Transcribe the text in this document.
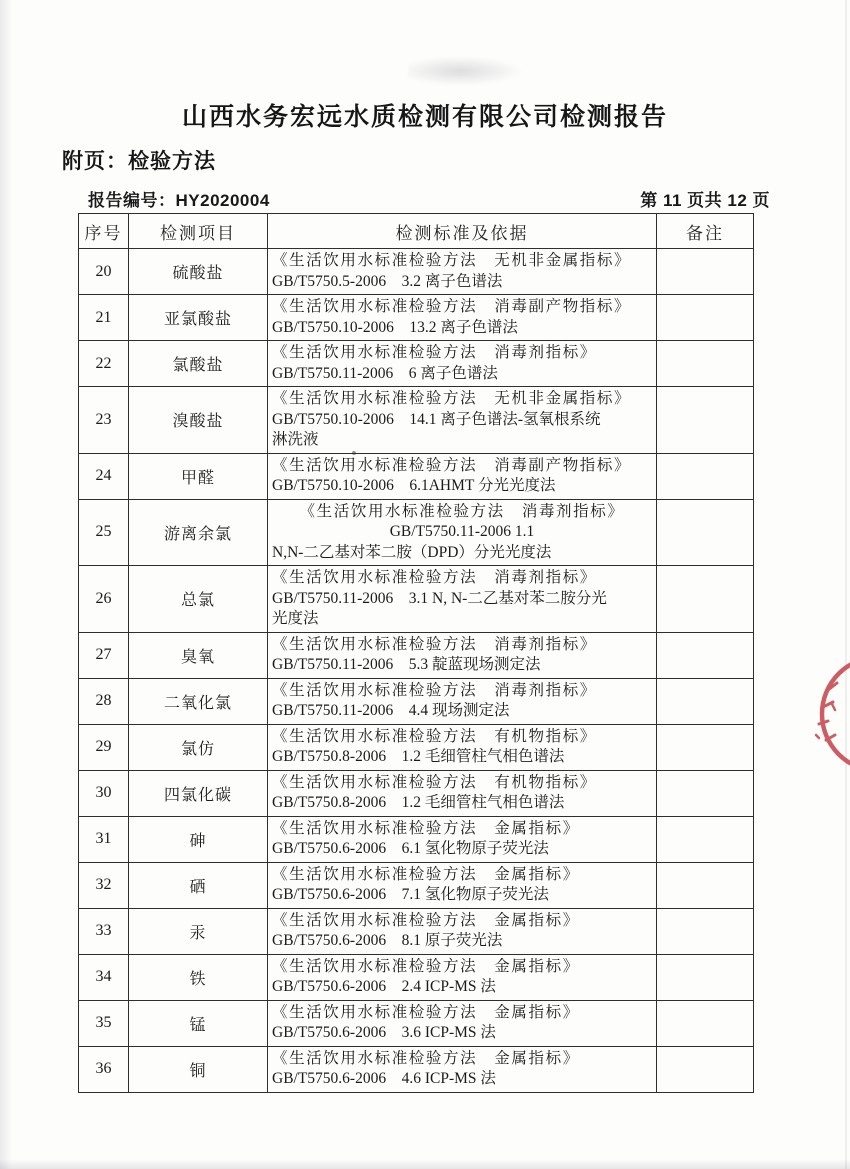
山西水务宏远水质检测有限公司检测报告
附页：检验方法
报告编号：HY2020004	第 11 页共 12 页
序号	检测项目	检测标准及依据	备注
20	硫酸盐	《生活饮用水标准检验方法　无机非金属指标》
GB/T5750.5-2006　3.2 离子色谱法	

21	亚氯酸盐	《生活饮用水标准检验方法　消毒副产物指标》
GB/T5750.10-2006　13.2 离子色谱法	

22	氯酸盐	《生活饮用水标准检验方法　消毒剂指标》
GB/T5750.11-2006　6 离子色谱法	

23	溴酸盐	《生活饮用水标准检验方法　无机非金属指标》
GB/T5750.10-2006　14.1 离子色谱法-氢氧根系统
淋洗液	

24	甲醛	《生活饮用水标准检验方法　消毒副产物指标》
GB/T5750.10-2006　6.1AHMT 分光光度法	

25	游离余氯	《生活饮用水标准检验方法　消毒剂指标》
GB/T5750.11-2006 1.1
N,N-二乙基对苯二胺（DPD）分光光度法	

26	总氯	《生活饮用水标准检验方法　消毒剂指标》
GB/T5750.11-2006　3.1 N, N-二乙基对苯二胺分光
光度法	

27	臭氧	《生活饮用水标准检验方法　消毒剂指标》
GB/T5750.11-2006　5.3 靛蓝现场测定法	

28	二氧化氯	《生活饮用水标准检验方法　消毒剂指标》
GB/T5750.11-2006　4.4 现场测定法	

29	氯仿	《生活饮用水标准检验方法　有机物指标》
GB/T5750.8-2006　1.2 毛细管柱气相色谱法	

30	四氯化碳	《生活饮用水标准检验方法　有机物指标》
GB/T5750.8-2006　1.2 毛细管柱气相色谱法	

31	砷	《生活饮用水标准检验方法　金属指标》
GB/T5750.6-2006　6.1 氢化物原子荧光法	

32	硒	《生活饮用水标准检验方法　金属指标》
GB/T5750.6-2006　7.1 氢化物原子荧光法	

33	汞	《生活饮用水标准检验方法　金属指标》
GB/T5750.6-2006　8.1 原子荧光法	

34	铁	《生活饮用水标准检验方法　金属指标》
GB/T5750.6-2006　2.4 ICP-MS 法	

35	锰	《生活饮用水标准检验方法　金属指标》
GB/T5750.6-2006　3.6 ICP-MS 法	

36	铜	《生活饮用水标准检验方法　金属指标》
GB/T5750.6-2006　4.6 ICP-MS 法	
